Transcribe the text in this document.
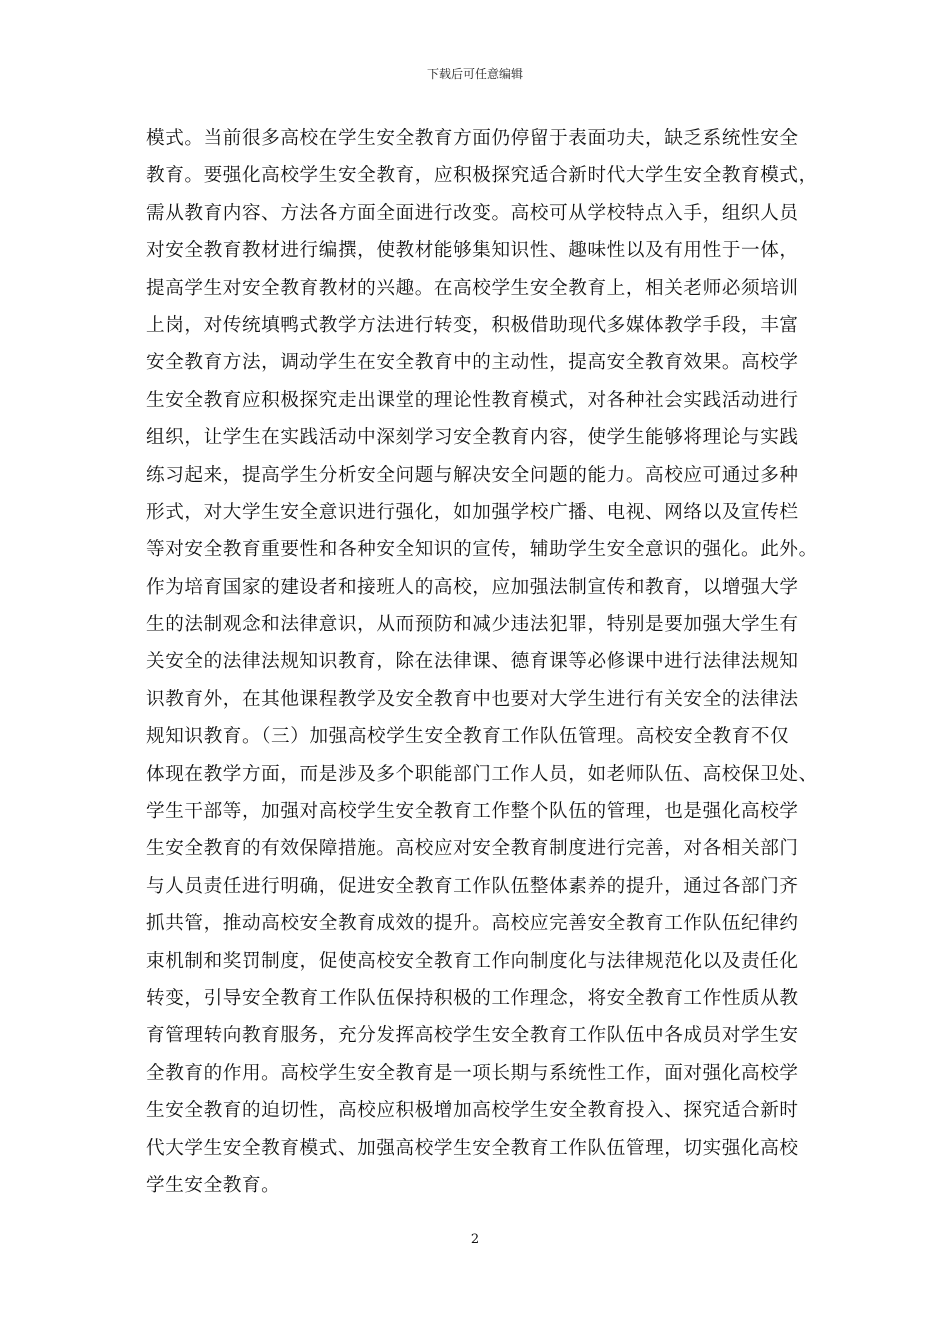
下载后可任意编辑
模式。当前很多高校在学生安全教育方面仍停留于表面功夫，缺乏系统性安全
教育。要强化高校学生安全教育，应积极探究适合新时代大学生安全教育模式，
需从教育内容、方法各方面全面进行改变。高校可从学校特点入手，组织人员
对安全教育教材进行编撰，使教材能够集知识性、趣味性以及有用性于一体，
提高学生对安全教育教材的兴趣。在高校学生安全教育上，相关老师必须培训
上岗，对传统填鸭式教学方法进行转变，积极借助现代多媒体教学手段，丰富
安全教育方法，调动学生在安全教育中的主动性，提高安全教育效果。高校学
生安全教育应积极探究走出课堂的理论性教育模式，对各种社会实践活动进行
组织，让学生在实践活动中深刻学习安全教育内容，使学生能够将理论与实践
练习起来，提高学生分析安全问题与解决安全问题的能力。高校应可通过多种
形式，对大学生安全意识进行强化，如加强学校广播、电视、网络以及宣传栏
等对安全教育重要性和各种安全知识的宣传，辅助学生安全意识的强化。此外。
作为培育国家的建设者和接班人的高校，应加强法制宣传和教育，以增强大学
生的法制观念和法律意识，从而预防和减少违法犯罪，特别是要加强大学生有
关安全的法律法规知识教育，除在法律课、德育课等必修课中进行法律法规知
识教育外，在其他课程教学及安全教育中也要对大学生进行有关安全的法律法
规知识教育。（三）加强高校学生安全教育工作队伍管理。高校安全教育不仅
体现在教学方面，而是涉及多个职能部门工作人员，如老师队伍、高校保卫处、
学生干部等，加强对高校学生安全教育工作整个队伍的管理，也是强化高校学
生安全教育的有效保障措施。高校应对安全教育制度进行完善，对各相关部门
与人员责任进行明确，促进安全教育工作队伍整体素养的提升，通过各部门齐
抓共管，推动高校安全教育成效的提升。高校应完善安全教育工作队伍纪律约
束机制和奖罚制度，促使高校安全教育工作向制度化与法律规范化以及责任化
转变，引导安全教育工作队伍保持积极的工作理念，将安全教育工作性质从教
育管理转向教育服务，充分发挥高校学生安全教育工作队伍中各成员对学生安
全教育的作用。高校学生安全教育是一项长期与系统性工作，面对强化高校学
生安全教育的迫切性，高校应积极增加高校学生安全教育投入、探究适合新时
代大学生安全教育模式、加强高校学生安全教育工作队伍管理，切实强化高校
学生安全教育。
2
